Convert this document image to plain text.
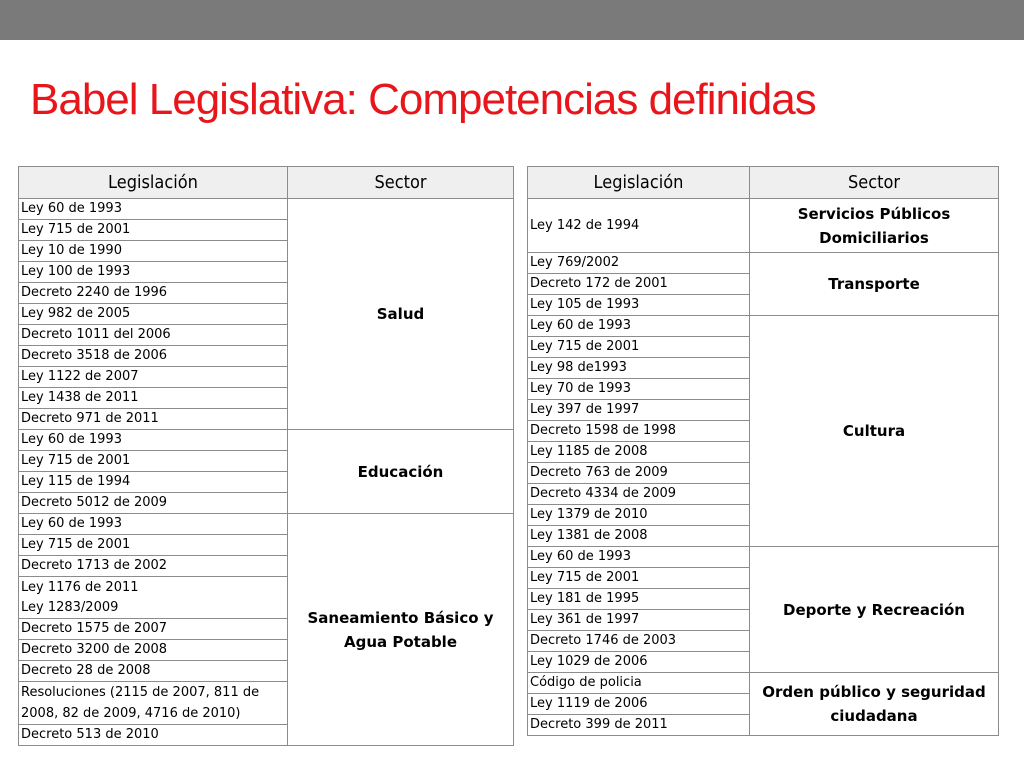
Babel Legislativa: Competencias definidas
Legislación	Sector
Ley 60 de 1993	Salud
Ley 715 de 2001	
Ley 10 de 1990	
Ley 100 de 1993	
Decreto 2240 de 1996	
Ley 982 de 2005	
Decreto 1011 del 2006	
Decreto 3518 de 2006	
Ley 1122 de 2007	
Ley 1438 de 2011	
Decreto 971 de 2011	
Ley 60 de 1993	Educación
Ley 715 de 2001	
Ley 115 de 1994	
Decreto 5012 de 2009	
Ley 60 de 1993	Saneamiento Básico y Agua Potable
Ley 715 de 2001	
Decreto 1713 de 2002	

Ley 1176 de 2011
Ley 1283/2009	

Decreto 1575 de 2007	
Decreto 3200 de 2008	
Decreto 28 de 2008	
Resoluciones (2115 de 2007, 811 de 2008, 82 de 2009, 4716 de 2010)	
Decreto 513 de 2010	
Legislación	Sector
Ley 142 de 1994	Servicios Públicos Domiciliarios
Ley 769/2002	Transporte
Decreto 172 de 2001	
Ley 105 de 1993	
Ley 60 de 1993	Cultura
Ley 715 de 2001	
Ley 98 de1993	
Ley 70 de 1993	
Ley 397 de 1997	
Decreto 1598 de 1998	
Ley 1185 de 2008	
Decreto 763 de 2009	
Decreto 4334 de 2009	
Ley 1379 de 2010	
Ley 1381 de 2008	
Ley 60 de 1993	Deporte y Recreación
Ley 715 de 2001	
Ley 181 de 1995	
Ley 361 de 1997	
Decreto 1746 de 2003	
Ley 1029 de 2006	
Código de policia	Orden público y seguridad ciudadana
Ley 1119 de 2006	
Decreto 399 de 2011	
